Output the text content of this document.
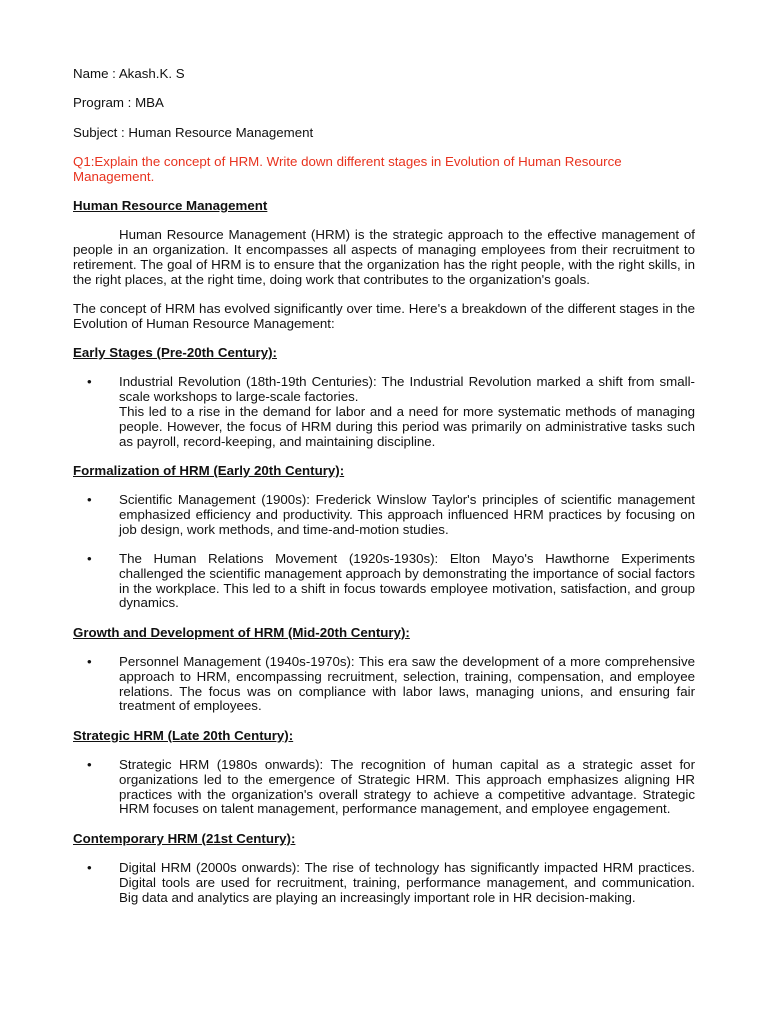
Name : Akash.K. S
Program : MBA
Subject : Human Resource Management
Q1:Explain the concept of HRM. Write down different stages in Evolution of Human Resource Management.
Human Resource Management

Human Resource Management (HRM) is the strategic approach to the effective management of people in an organization. It encompasses all aspects of managing employees from their recruitment to retirement. The goal of HRM is to ensure that the organization has the right people, with the right skills, in the right places, at the right time, doing work that contributes to the organization's goals.

The concept of HRM has evolved significantly over time. Here's a breakdown of the different stages in the Evolution of Human Resource Management:

Early Stages (Pre-20th Century):
• Industrial Revolution (18th-19th Centuries): The Industrial Revolution marked a shift from small-scale workshops to large-scale factories.
This led to a rise in the demand for labor and a need for more systematic methods of managing people. However, the focus of HRM during this period was primarily on administrative tasks such as payroll, record-keeping, and maintaining discipline.
Formalization of HRM (Early 20th Century):
• Scientific Management (1900s): Frederick Winslow Taylor's principles of scientific management emphasized efficiency and productivity. This approach influenced HRM practices by focusing on job design, work methods, and time-and-motion studies.
• The Human Relations Movement (1920s-1930s): Elton Mayo's Hawthorne Experiments challenged the scientific management approach by demonstrating the importance of social factors in the workplace. This led to a shift in focus towards employee motivation, satisfaction, and group dynamics.
Growth and Development of HRM (Mid-20th Century):
• Personnel Management (1940s-1970s): This era saw the development of a more comprehensive approach to HRM, encompassing recruitment, selection, training, compensation, and employee relations. The focus was on compliance with labor laws, managing unions, and ensuring fair treatment of employees.
Strategic HRM (Late 20th Century):
• Strategic HRM (1980s onwards): The recognition of human capital as a strategic asset for organizations led to the emergence of Strategic HRM. This approach emphasizes aligning HR practices with the organization's overall strategy to achieve a competitive advantage. Strategic HRM focuses on talent management, performance management, and employee engagement.
Contemporary HRM (21st Century):
• Digital HRM (2000s onwards): The rise of technology has significantly impacted HRM practices. Digital tools are used for recruitment, training, performance management, and communication. Big data and analytics are playing an increasingly important role in HR decision-making.
